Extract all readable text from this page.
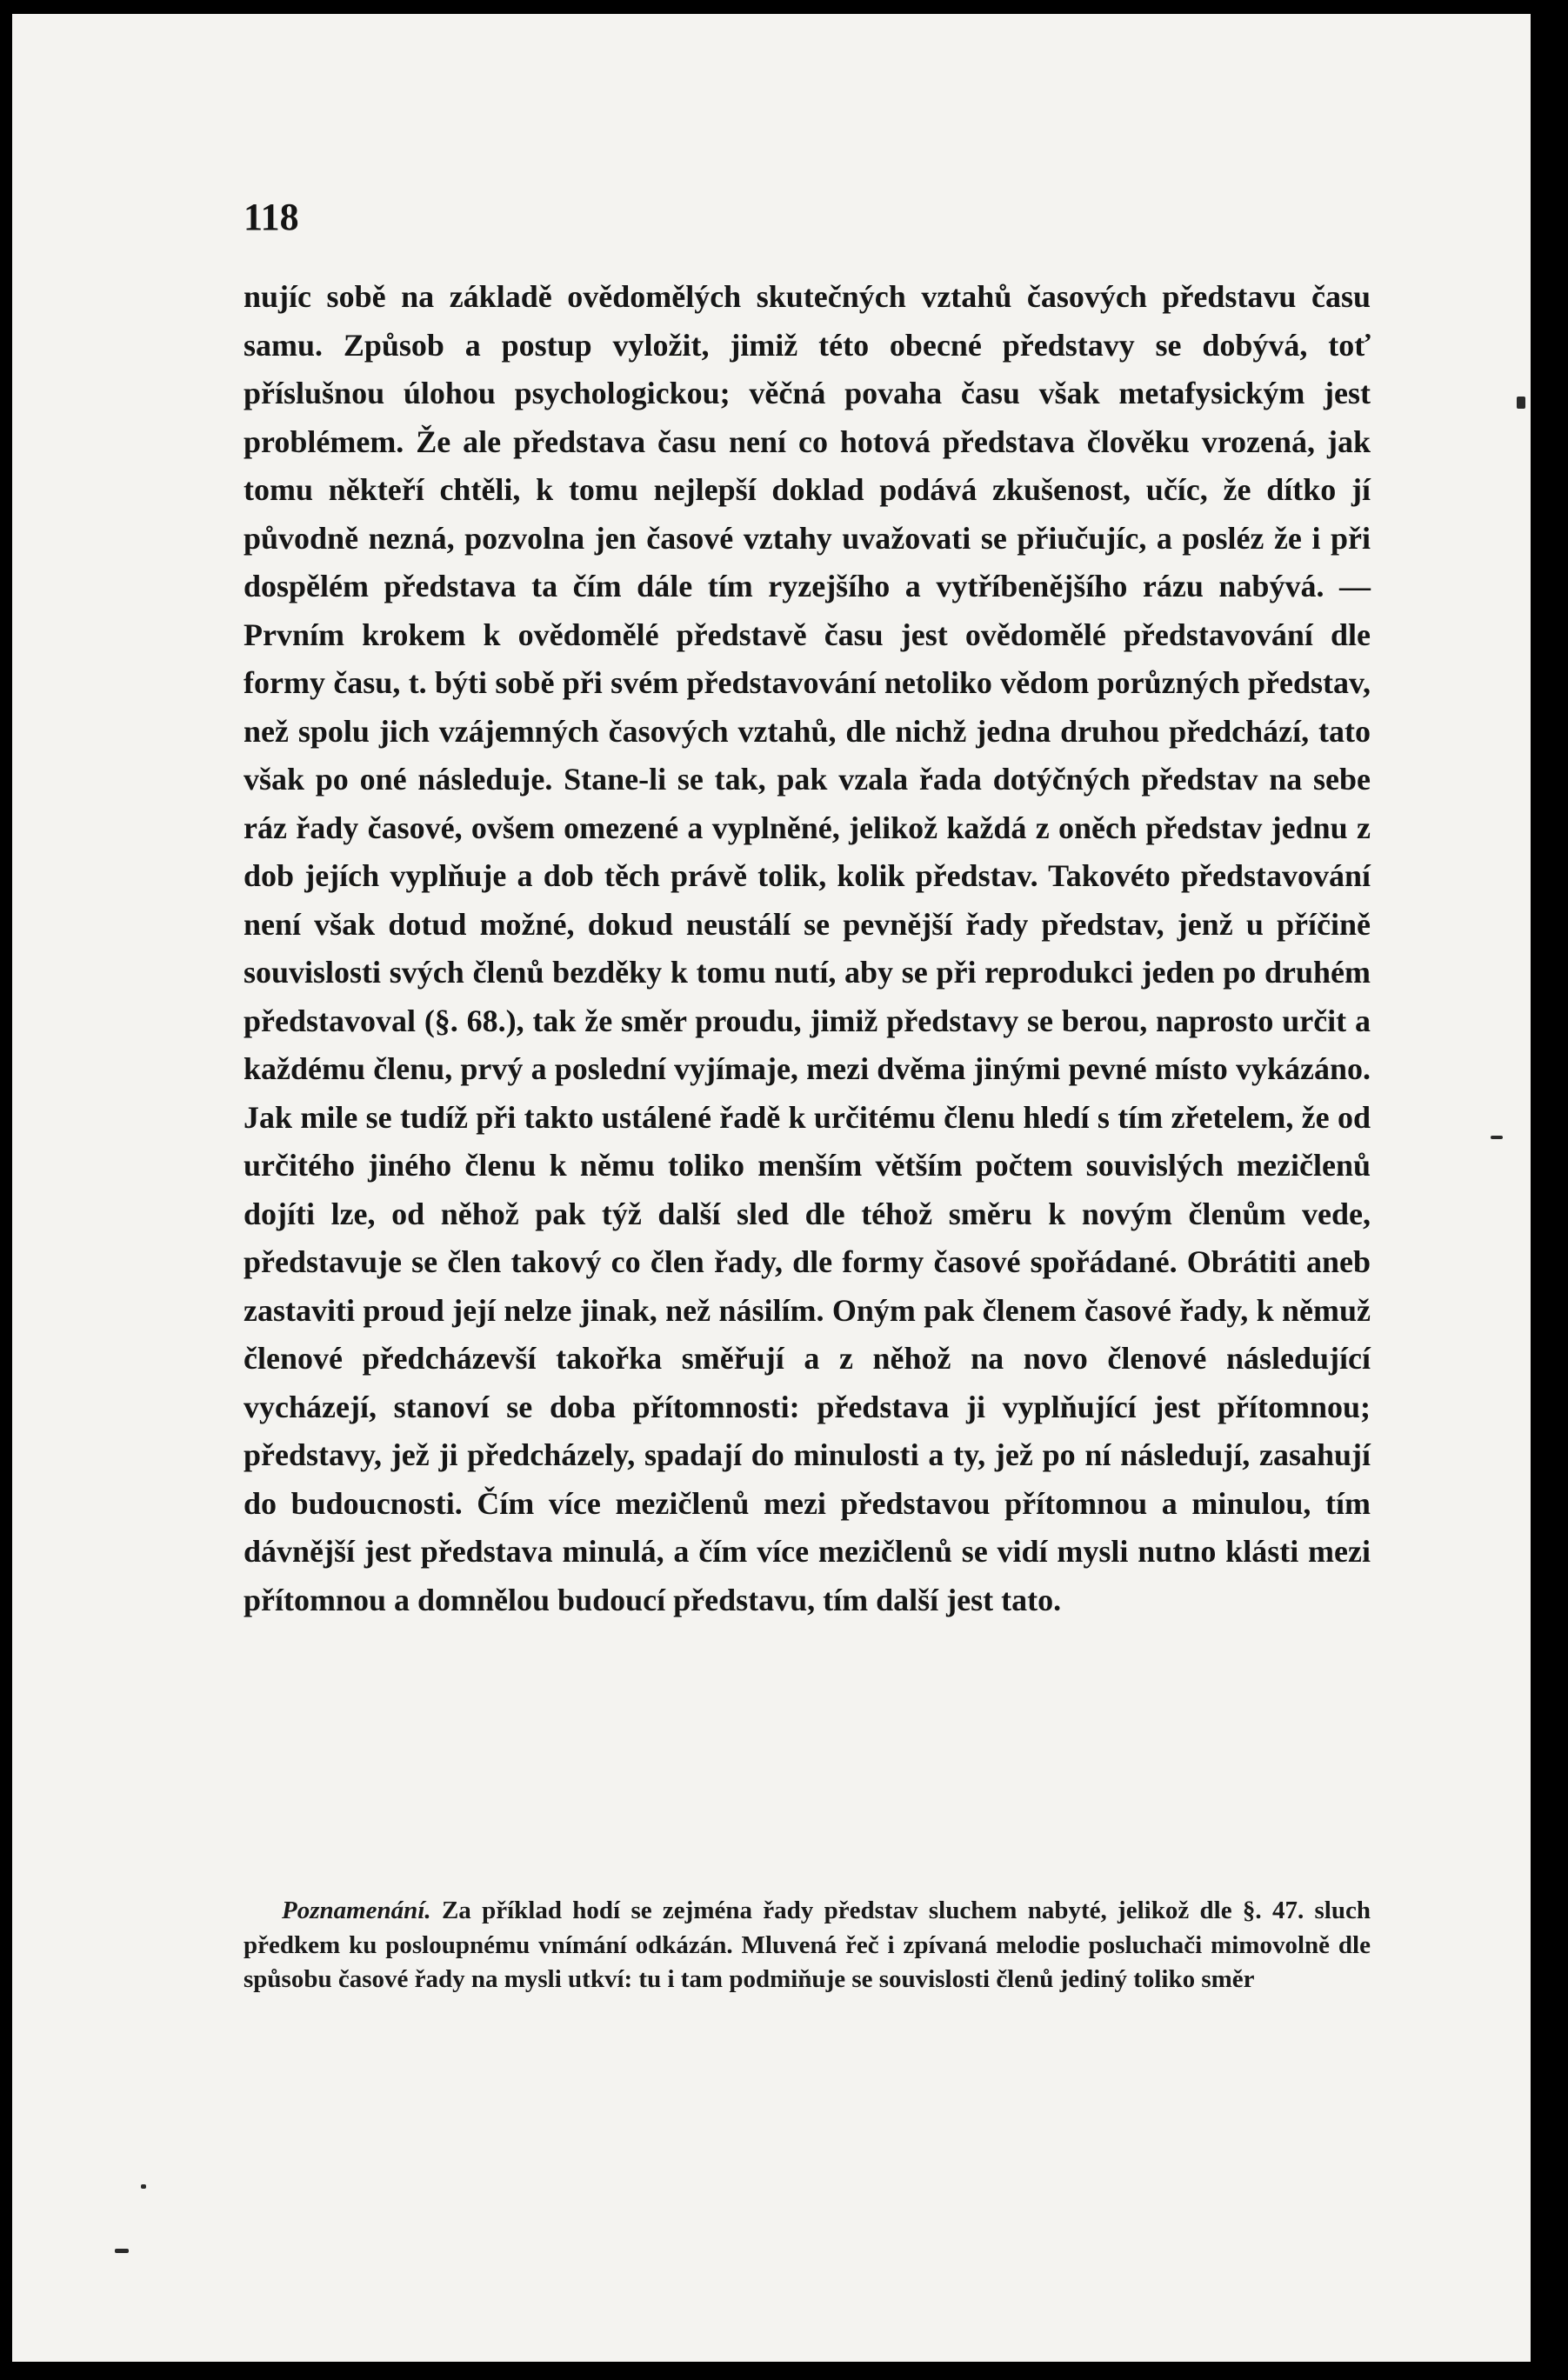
118

nujíc sobě na základě ovědomělých skutečných vztahů časových představu času samu. Způsob a postup vyložit, jimiž této obecné představy se dobývá, toť příslušnou úlohou psychologickou; věčná povaha času však metafysickým jest problémem. Že ale představa času není co hotová představa člověku vrozená, jak tomu někteří chtěli, k tomu nejlepší doklad podává zkušenost, učíc, že dítko jí původně nezná, pozvolna jen časové vztahy uvažovati se přiučujíc, a posléz že i při dospělém představa ta čím dále tím ryzejšího a vytříbenějšího rázu nabývá. — Prvním krokem k ovědomělé představě času jest ovědomělé představování dle formy času, t. býti sobě při svém představování netoliko vědom porůzných představ, než spolu jich vzájemných časových vztahů, dle nichž jedna druhou předchází, tato však po oné následuje. Stane-li se tak, pak vzala řada dotýčných představ na sebe ráz řady časové, ovšem omezené a vyplněné, jelikož každá z oněch představ jednu z dob jejích vyplňuje a dob těch právě tolik, kolik představ. Takovéto představování není však dotud možné, dokud neustálí se pevnější řady představ, jenž u příčině souvislosti svých členů bezděky k tomu nutí, aby se při reprodukci jeden po druhém představoval (§. 68.), tak že směr proudu, jimiž představy se berou, naprosto určit a každému členu, prvý a poslední vyjímaje, mezi dvěma jinými pevné místo vykázáno. Jak mile se tudíž při takto ustálené řadě k určitému členu hledí s tím zřetelem, že od určitého jiného členu k němu toliko menším větším počtem souvislých mezičlenů dojíti lze, od něhož pak týž další sled dle téhož směru k novým členům vede, představuje se člen takový co člen řady, dle formy časové spořádané. Obrátiti aneb zastaviti proud její nelze jinak, než násilím. Oným pak členem časové řady, k němuž členové předcházevší takořka směřují a z něhož na novo členové následující vycházejí, stanoví se doba přítomnosti: představa ji vyplňující jest přítomnou; představy, jež ji předcházely, spadají do minulosti a ty, jež po ní následují, zasahují do budoucnosti. Čím více mezičlenů mezi představou přítomnou a minulou, tím dávnější jest představa minulá, a čím více mezičlenů se vidí mysli nutno klásti mezi přítomnou a domnělou budoucí představu, tím další jest tato.

Poznamenání. Za příklad hodí se zejména řady představ sluchem nabyté, jelikož dle §. 47. sluch předkem ku posloupnému vnímání odkázán. Mluvená řeč i zpívaná melodie posluchači mimovolně dle spůsobu časové řady na mysli utkví: tu i tam podmiňuje se souvislosti členů jediný toliko směr
